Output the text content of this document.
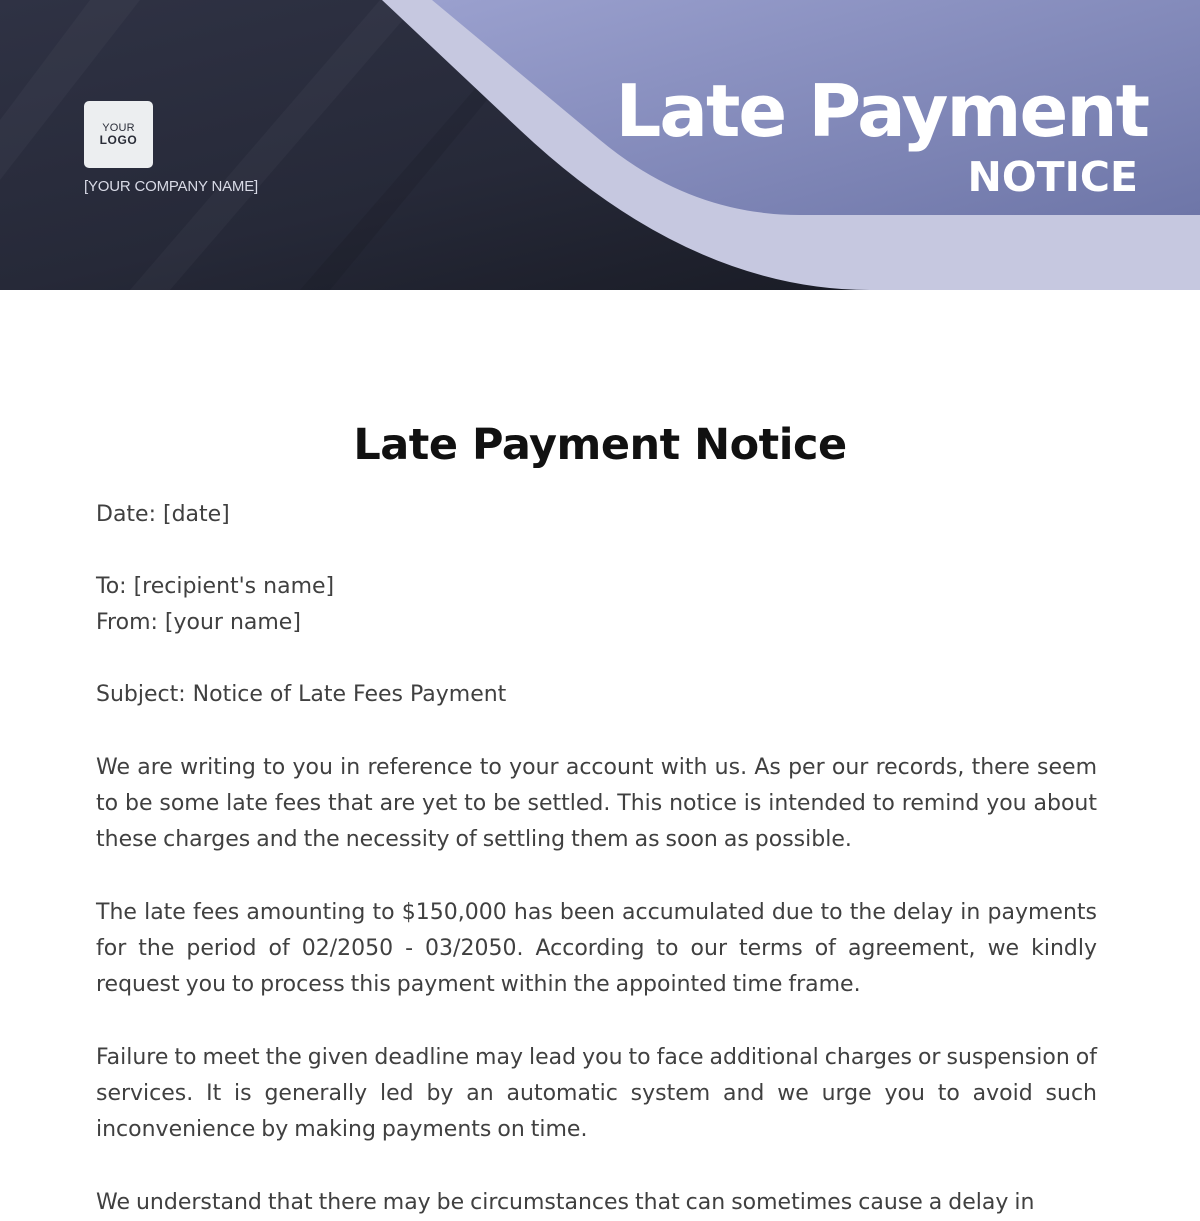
YOUR
LOGO
[YOUR COMPANY NAME]
Late Payment
NOTICE
Late Payment Notice

Date: [date]

To: [recipient's name]

From: [your name]

Subject: Notice of Late Fees Payment

We are writing to you in reference to your account with us. As per our records, there seem to be some late fees that are yet to be settled. This notice is intended to remind you about these charges and the necessity of settling them as soon as possible.

The late fees amounting to $150,000 has been accumulated due to the delay in payments for the period of 02/2050 - 03/2050. According to our terms of agreement, we kindly request you to process this payment within the appointed time frame.

Failure to meet the given deadline may lead you to face additional charges or suspension of services. It is generally led by an automatic system and we urge you to avoid such inconvenience by making payments on time.

We understand that there may be circumstances that can sometimes cause a delay in
